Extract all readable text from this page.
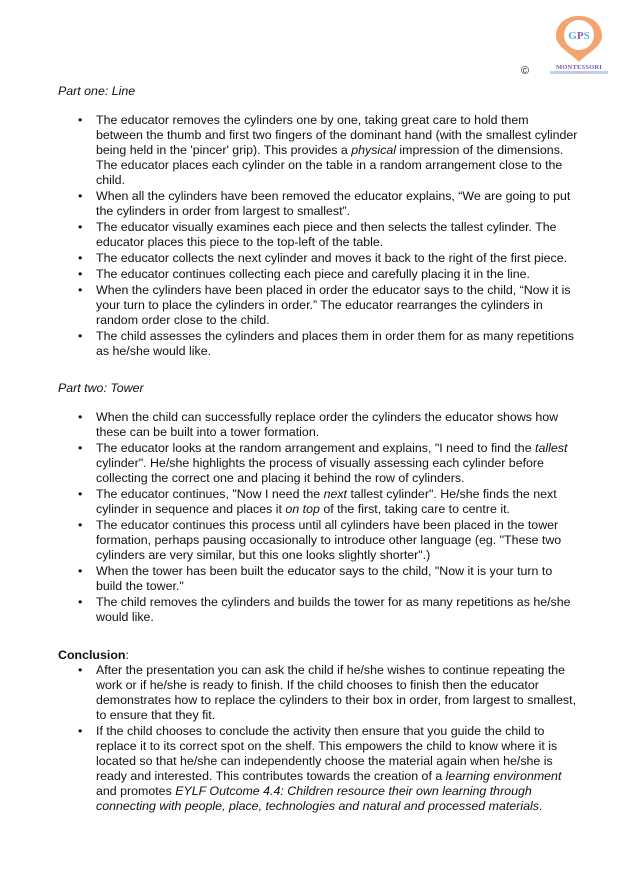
GPS
MONTESSORI
©
Part one: Line
• The educator removes the cylinders one by one, taking great care to hold them between the thumb and first two fingers of the dominant hand (with the smallest cylinder being held in the 'pincer' grip). This provides a physical impression of the dimensions. The educator places each cylinder on the table in a random arrangement close to the child.
• When all the cylinders have been removed the educator explains, “We are going to put the cylinders in order from largest to smallest”.
• The educator visually examines each piece and then selects the tallest cylinder. The educator places this piece to the top-left of the table.
• The educator collects the next cylinder and moves it back to the right of the first piece.
• The educator continues collecting each piece and carefully placing it in the line.
• When the cylinders have been placed in order the educator says to the child, “Now it is your turn to place the cylinders in order.” The educator rearranges the cylinders in random order close to the child.
• The child assesses the cylinders and places them in order them for as many repetitions as he/she would like.
Part two: Tower
• When the child can successfully replace order the cylinders the educator shows how these can be built into a tower formation.
• The educator looks at the random arrangement and explains, "I need to find the tallest cylinder". He/she highlights the process of visually assessing each cylinder before collecting the correct one and placing it behind the row of cylinders.
• The educator continues, "Now I need the next tallest cylinder". He/she finds the next cylinder in sequence and places it on top of the first, taking care to centre it.
• The educator continues this process until all cylinders have been placed in the tower formation, perhaps pausing occasionally to introduce other language (eg. "These two cylinders are very similar, but this one looks slightly shorter".)
• When the tower has been built the educator says to the child, "Now it is your turn to build the tower."
• The child removes the cylinders and builds the tower for as many repetitions as he/she would like.
Conclusion:
• After the presentation you can ask the child if he/she wishes to continue repeating the work or if he/she is ready to finish. If the child chooses to finish then the educator demonstrates how to replace the cylinders to their box in order, from largest to smallest, to ensure that they fit.
• If the child chooses to conclude the activity then ensure that you guide the child to replace it to its correct spot on the shelf. This empowers the child to know where it is located so that he/she can independently choose the material again when he/she is ready and interested. This contributes towards the creation of a learning environment and promotes EYLF Outcome 4.4: Children resource their own learning through connecting with people, place, technologies and natural and processed materials.
